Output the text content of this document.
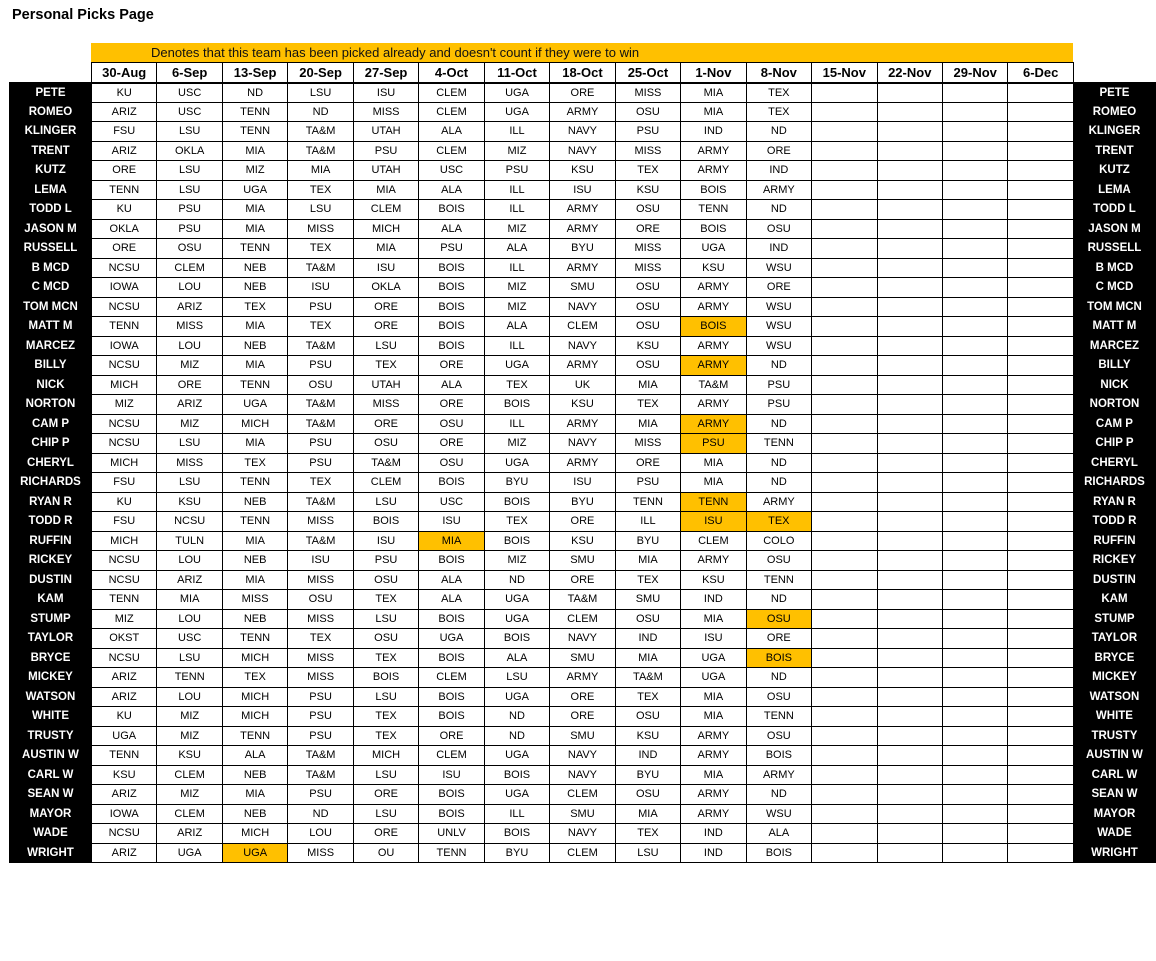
Personal Picks Page
Denotes that this team has been picked already and doesn't count if they were to win
	30-Aug	6-Sep	13-Sep	20-Sep	27-Sep	4-Oct	11-Oct	18-Oct	25-Oct	1-Nov	8-Nov	15-Nov	22-Nov	29-Nov	6-Dec	
PETE	KU	USC	ND	LSU	ISU	CLEM	UGA	ORE	MISS	MIA	TEX					PETE
ROMEO	ARIZ	USC	TENN	ND	MISS	CLEM	UGA	ARMY	OSU	MIA	TEX					ROMEO
KLINGER	FSU	LSU	TENN	TA&M	UTAH	ALA	ILL	NAVY	PSU	IND	ND					KLINGER
TRENT	ARIZ	OKLA	MIA	TA&M	PSU	CLEM	MIZ	NAVY	MISS	ARMY	ORE					TRENT
KUTZ	ORE	LSU	MIZ	MIA	UTAH	USC	PSU	KSU	TEX	ARMY	IND					KUTZ
LEMA	TENN	LSU	UGA	TEX	MIA	ALA	ILL	ISU	KSU	BOIS	ARMY					LEMA
TODD L	KU	PSU	MIA	LSU	CLEM	BOIS	ILL	ARMY	OSU	TENN	ND					TODD L
JASON M	OKLA	PSU	MIA	MISS	MICH	ALA	MIZ	ARMY	ORE	BOIS	OSU					JASON M
RUSSELL	ORE	OSU	TENN	TEX	MIA	PSU	ALA	BYU	MISS	UGA	IND					RUSSELL
B MCD	NCSU	CLEM	NEB	TA&M	ISU	BOIS	ILL	ARMY	MISS	KSU	WSU					B MCD
C MCD	IOWA	LOU	NEB	ISU	OKLA	BOIS	MIZ	SMU	OSU	ARMY	ORE					C MCD
TOM MCN	NCSU	ARIZ	TEX	PSU	ORE	BOIS	MIZ	NAVY	OSU	ARMY	WSU					TOM MCN
MATT M	TENN	MISS	MIA	TEX	ORE	BOIS	ALA	CLEM	OSU	BOIS	WSU					MATT M
MARCEZ	IOWA	LOU	NEB	TA&M	LSU	BOIS	ILL	NAVY	KSU	ARMY	WSU					MARCEZ
BILLY	NCSU	MIZ	MIA	PSU	TEX	ORE	UGA	ARMY	OSU	ARMY	ND					BILLY
NICK	MICH	ORE	TENN	OSU	UTAH	ALA	TEX	UK	MIA	TA&M	PSU					NICK
NORTON	MIZ	ARIZ	UGA	TA&M	MISS	ORE	BOIS	KSU	TEX	ARMY	PSU					NORTON
CAM P	NCSU	MIZ	MICH	TA&M	ORE	OSU	ILL	ARMY	MIA	ARMY	ND					CAM P
CHIP P	NCSU	LSU	MIA	PSU	OSU	ORE	MIZ	NAVY	MISS	PSU	TENN					CHIP P
CHERYL	MICH	MISS	TEX	PSU	TA&M	OSU	UGA	ARMY	ORE	MIA	ND					CHERYL
RICHARDS	FSU	LSU	TENN	TEX	CLEM	BOIS	BYU	ISU	PSU	MIA	ND					RICHARDS
RYAN R	KU	KSU	NEB	TA&M	LSU	USC	BOIS	BYU	TENN	TENN	ARMY					RYAN R
TODD R	FSU	NCSU	TENN	MISS	BOIS	ISU	TEX	ORE	ILL	ISU	TEX					TODD R
RUFFIN	MICH	TULN	MIA	TA&M	ISU	MIA	BOIS	KSU	BYU	CLEM	COLO					RUFFIN
RICKEY	NCSU	LOU	NEB	ISU	PSU	BOIS	MIZ	SMU	MIA	ARMY	OSU					RICKEY
DUSTIN	NCSU	ARIZ	MIA	MISS	OSU	ALA	ND	ORE	TEX	KSU	TENN					DUSTIN
KAM	TENN	MIA	MISS	OSU	TEX	ALA	UGA	TA&M	SMU	IND	ND					KAM
STUMP	MIZ	LOU	NEB	MISS	LSU	BOIS	UGA	CLEM	OSU	MIA	OSU					STUMP
TAYLOR	OKST	USC	TENN	TEX	OSU	UGA	BOIS	NAVY	IND	ISU	ORE					TAYLOR
BRYCE	NCSU	LSU	MICH	MISS	TEX	BOIS	ALA	SMU	MIA	UGA	BOIS					BRYCE
MICKEY	ARIZ	TENN	TEX	MISS	BOIS	CLEM	LSU	ARMY	TA&M	UGA	ND					MICKEY
WATSON	ARIZ	LOU	MICH	PSU	LSU	BOIS	UGA	ORE	TEX	MIA	OSU					WATSON
WHITE	KU	MIZ	MICH	PSU	TEX	BOIS	ND	ORE	OSU	MIA	TENN					WHITE
TRUSTY	UGA	MIZ	TENN	PSU	TEX	ORE	ND	SMU	KSU	ARMY	OSU					TRUSTY
AUSTIN W	TENN	KSU	ALA	TA&M	MICH	CLEM	UGA	NAVY	IND	ARMY	BOIS					AUSTIN W
CARL W	KSU	CLEM	NEB	TA&M	LSU	ISU	BOIS	NAVY	BYU	MIA	ARMY					CARL W
SEAN W	ARIZ	MIZ	MIA	PSU	ORE	BOIS	UGA	CLEM	OSU	ARMY	ND					SEAN W
MAYOR	IOWA	CLEM	NEB	ND	LSU	BOIS	ILL	SMU	MIA	ARMY	WSU					MAYOR
WADE	NCSU	ARIZ	MICH	LOU	ORE	UNLV	BOIS	NAVY	TEX	IND	ALA					WADE
WRIGHT	ARIZ	UGA	UGA	MISS	OU	TENN	BYU	CLEM	LSU	IND	BOIS					WRIGHT
